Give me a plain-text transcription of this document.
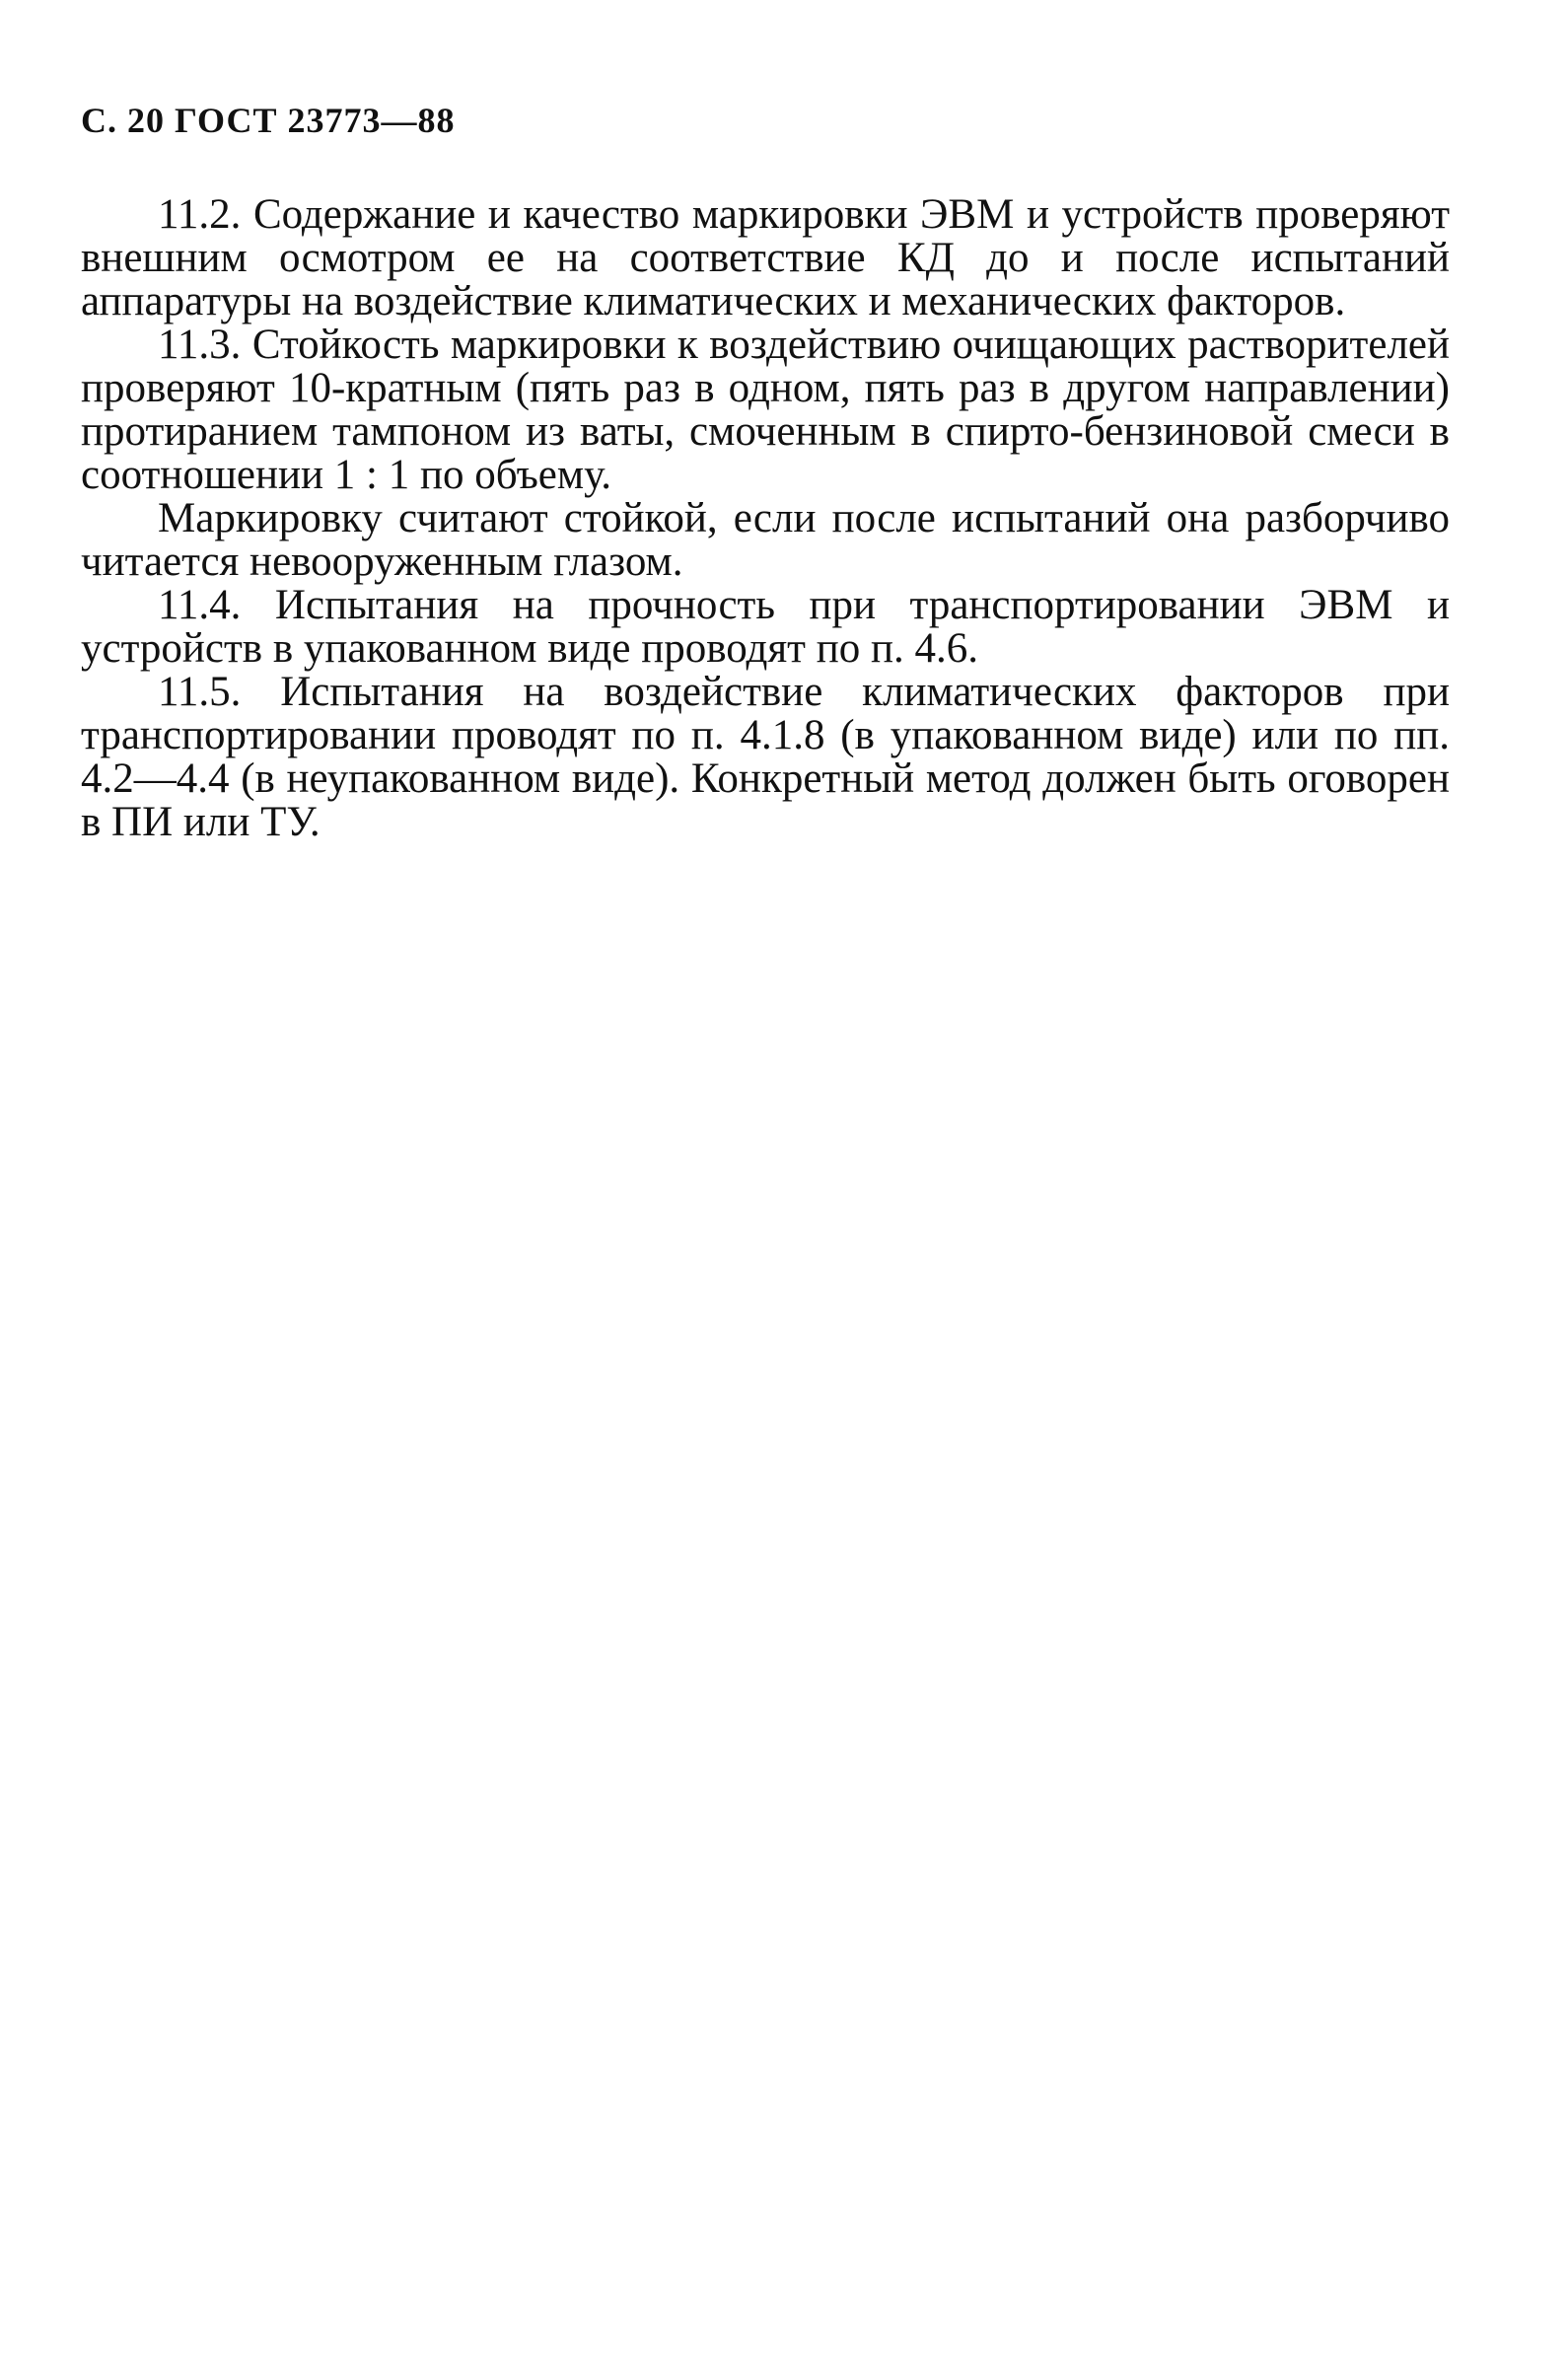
С. 20 ГОСТ 23773—88

11.2. Содержание и качество маркировки ЭВМ и устройств проверяют внешним осмотром ее на соответствие КД до и после испытаний аппаратуры на воздействие климатических и механических факторов.

11.3. Стойкость маркировки к воздействию очищающих растворителей проверяют 10-кратным (пять раз в одном, пять раз в другом направлении) протиранием тампоном из ваты, смоченным в спирто-бензиновой смеси в соотношении 1 : 1 по объему.

Маркировку считают стойкой, если после испытаний она разборчиво читается невооруженным глазом.

11.4. Испытания на прочность при транспортировании ЭВМ и устройств в упакованном виде проводят по п. 4.6.

11.5. Испытания на воздействие климатических факторов при транспортировании проводят по п. 4.1.8 (в упакованном виде) или по пп. 4.2—4.4 (в неупакованном виде). Конкретный метод должен быть оговорен в ПИ или ТУ.
